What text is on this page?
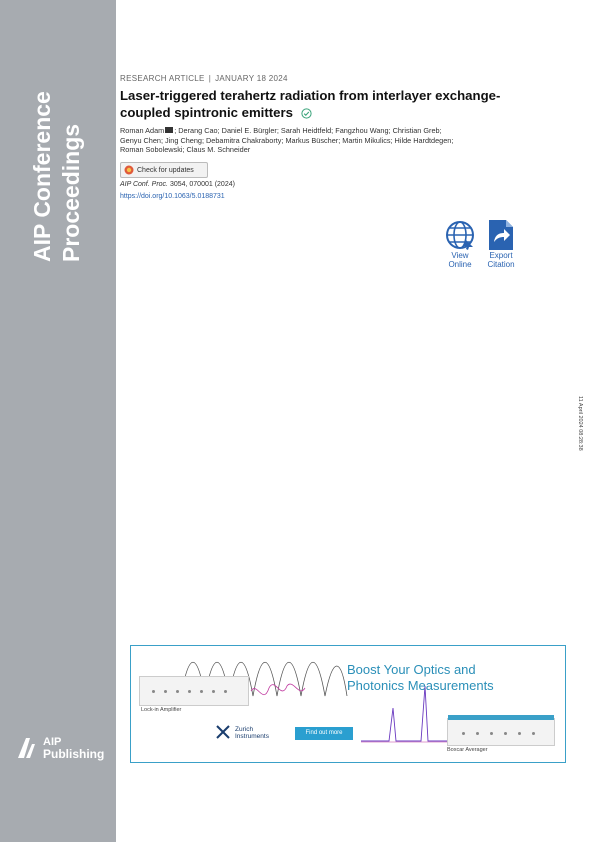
AIP Conference Proceedings
AIP
Publishing
RESEARCH ARTICLE | JANUARY 18 2024
Laser-triggered terahertz radiation from interlayer exchange-coupled spintronic emitters
Roman Adam ; Derang Cao; Daniel E. Bürgler; Sarah Heidtfeld; Fangzhou Wang; Christian Greb;
Genyu Chen; Jing Cheng; Debamitra Chakraborty; Markus Büscher; Martin Mikulics; Hilde Hardtdegen;
Roman Sobolewski; Claus M. Schneider
Check for updates
AIP Conf. Proc. 3054, 070001 (2024)
https://doi.org/10.1063/5.0188731
View
Online
Export
Citation
11 April 2024 08:28:38
Boost Your Optics and
Photonics Measurements
Lock-in Amplifier
Zurich
Instruments	Find out more
Boxcar Averager
